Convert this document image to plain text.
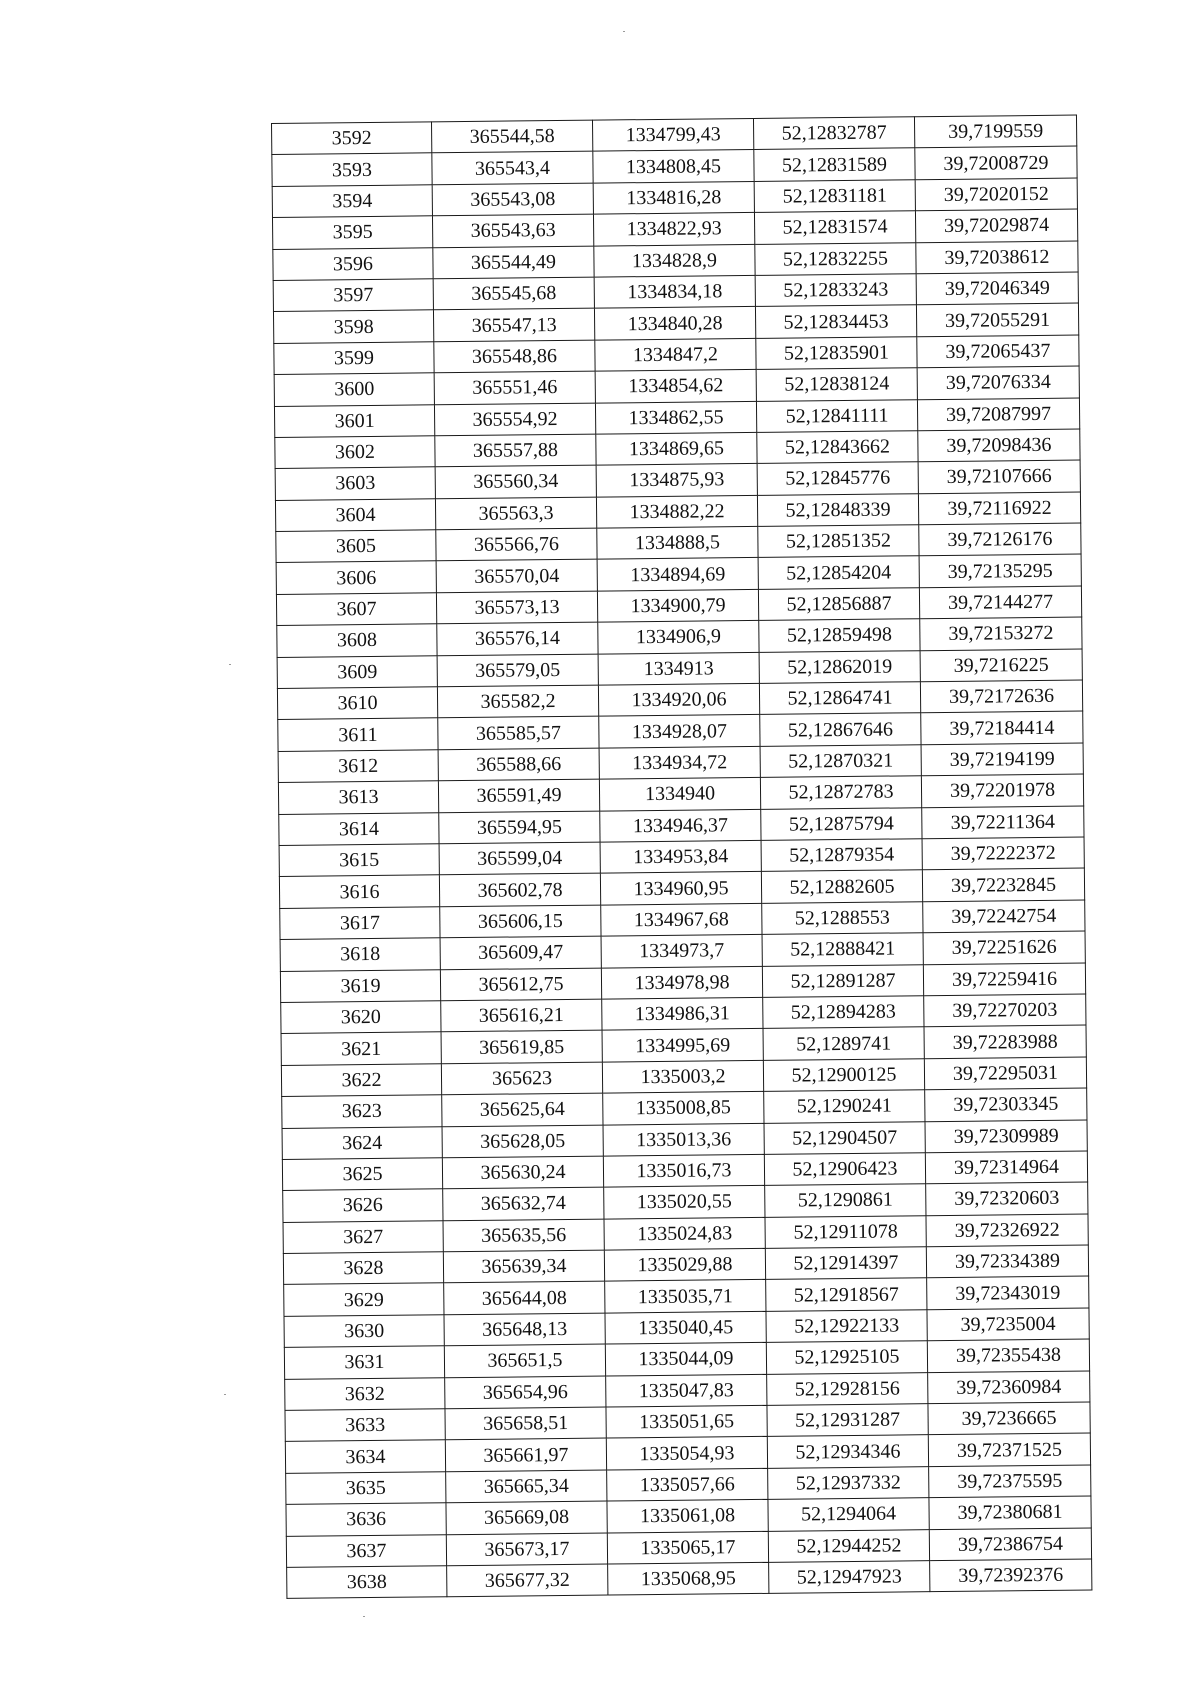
3592	365544,58	1334799,43	52,12832787	39,7199559
3593	365543,4	1334808,45	52,12831589	39,72008729
3594	365543,08	1334816,28	52,12831181	39,72020152
3595	365543,63	1334822,93	52,12831574	39,72029874
3596	365544,49	1334828,9	52,12832255	39,72038612
3597	365545,68	1334834,18	52,12833243	39,72046349
3598	365547,13	1334840,28	52,12834453	39,72055291
3599	365548,86	1334847,2	52,12835901	39,72065437
3600	365551,46	1334854,62	52,12838124	39,72076334
3601	365554,92	1334862,55	52,12841111	39,72087997
3602	365557,88	1334869,65	52,12843662	39,72098436
3603	365560,34	1334875,93	52,12845776	39,72107666
3604	365563,3	1334882,22	52,12848339	39,72116922
3605	365566,76	1334888,5	52,12851352	39,72126176
3606	365570,04	1334894,69	52,12854204	39,72135295
3607	365573,13	1334900,79	52,12856887	39,72144277
3608	365576,14	1334906,9	52,12859498	39,72153272
3609	365579,05	1334913	52,12862019	39,7216225
3610	365582,2	1334920,06	52,12864741	39,72172636
3611	365585,57	1334928,07	52,12867646	39,72184414
3612	365588,66	1334934,72	52,12870321	39,72194199
3613	365591,49	1334940	52,12872783	39,72201978
3614	365594,95	1334946,37	52,12875794	39,72211364
3615	365599,04	1334953,84	52,12879354	39,72222372
3616	365602,78	1334960,95	52,12882605	39,72232845
3617	365606,15	1334967,68	52,1288553	39,72242754
3618	365609,47	1334973,7	52,12888421	39,72251626
3619	365612,75	1334978,98	52,12891287	39,72259416
3620	365616,21	1334986,31	52,12894283	39,72270203
3621	365619,85	1334995,69	52,1289741	39,72283988
3622	365623	1335003,2	52,12900125	39,72295031
3623	365625,64	1335008,85	52,1290241	39,72303345
3624	365628,05	1335013,36	52,12904507	39,72309989
3625	365630,24	1335016,73	52,12906423	39,72314964
3626	365632,74	1335020,55	52,1290861	39,72320603
3627	365635,56	1335024,83	52,12911078	39,72326922
3628	365639,34	1335029,88	52,12914397	39,72334389
3629	365644,08	1335035,71	52,12918567	39,72343019
3630	365648,13	1335040,45	52,12922133	39,7235004
3631	365651,5	1335044,09	52,12925105	39,72355438
3632	365654,96	1335047,83	52,12928156	39,72360984
3633	365658,51	1335051,65	52,12931287	39,7236665
3634	365661,97	1335054,93	52,12934346	39,72371525
3635	365665,34	1335057,66	52,12937332	39,72375595
3636	365669,08	1335061,08	52,1294064	39,72380681
3637	365673,17	1335065,17	52,12944252	39,72386754
3638	365677,32	1335068,95	52,12947923	39,72392376
